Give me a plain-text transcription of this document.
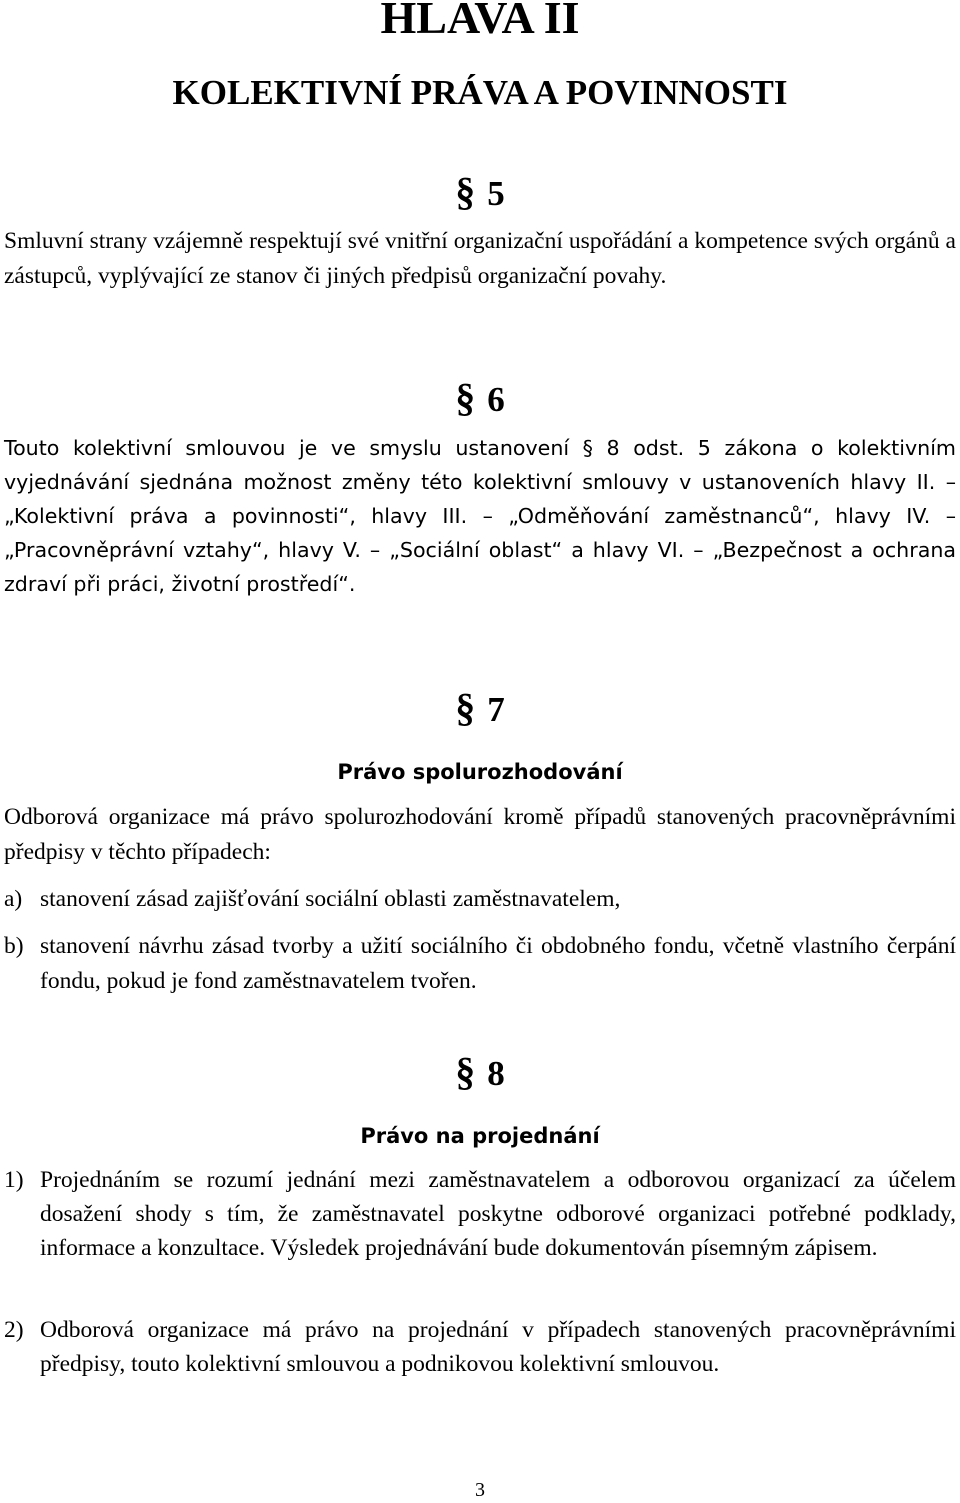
HLAVA II
KOLEKTIVNÍ PRÁVA A POVINNOSTI
§ 5
Smluvní strany vzájemně respektují své vnitřní organizační uspořádání a kompetence svých orgánů a zástupců, vyplývající ze stanov či jiných předpisů organizační povahy.
§ 6
Touto kolektivní smlouvou je ve smyslu ustanovení § 8 odst. 5 zákona o kolektivním vyjednávání sjednána možnost změny této kolektivní smlouvy v ustanoveních hlavy II. – „Kolektivní práva a povinnosti“, hlavy III. – „Odměňování zaměstnanců“, hlavy IV. – „Pracovněprávní vztahy“, hlavy V. – „Sociální oblast“ a hlavy VI. – „Bezpečnost a ochrana zdraví při práci, životní prostředí“.
§ 7
Právo spolurozhodování
Odborová organizace má právo spolurozhodování kromě případů stanovených pracovněprávními předpisy v těchto případech:
a) stanovení zásad zajišťování sociální oblasti zaměstnavatelem,
b) stanovení návrhu zásad tvorby a užití sociálního či obdobného fondu, včetně vlastního čerpání fondu, pokud je fond zaměstnavatelem tvořen.
§ 8
Právo na projednání
1) Projednáním se rozumí jednání mezi zaměstnavatelem a odborovou organizací za účelem dosažení shody s tím, že zaměstnavatel poskytne odborové organizaci potřebné podklady, informace a konzultace. Výsledek projednávání bude dokumentován písemným zápisem.
2) Odborová organizace má právo na projednání v případech stanovených pracovněprávními předpisy, touto kolektivní smlouvou a podnikovou kolektivní smlouvou.
3
